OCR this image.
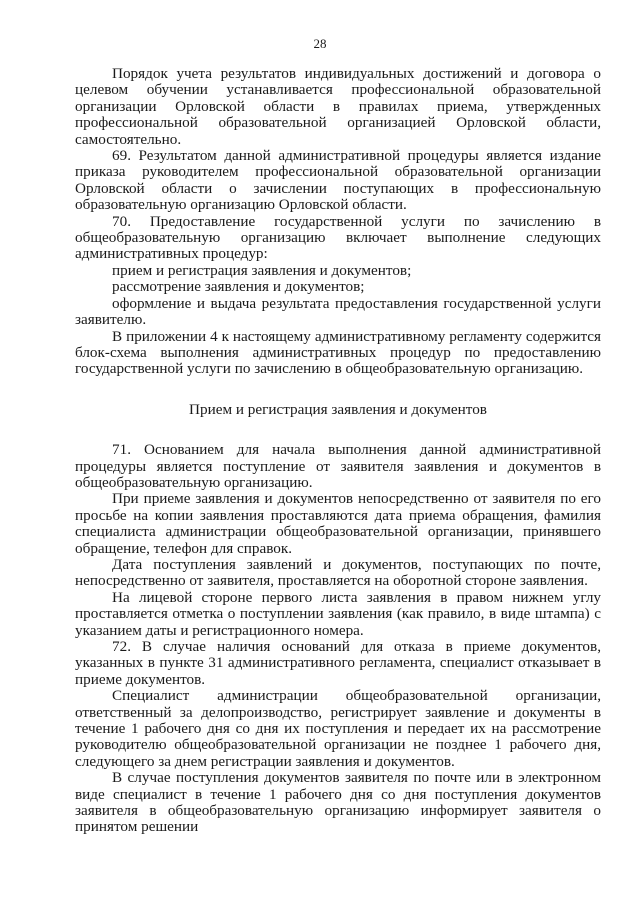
28

Порядок учета результатов индивидуальных достижений и договора о целевом обучении устанавливается профессиональной образовательной организации Орловской области в правилах приема, утвержденных профессиональной образовательной организацией Орловской области, самостоятельно.

69. Результатом данной административной процедуры является издание приказа руководителем профессиональной образовательной организации Орловской области о зачислении поступающих в профессиональную образовательную организацию Орловской области.

70. Предоставление государственной услуги по зачислению в общеобразовательную организацию включает выполнение следующих административных процедур:

прием и регистрация заявления и документов;

рассмотрение заявления и документов;

оформление и выдача результата предоставления государственной услуги заявителю.

В приложении 4 к настоящему административному регламенту содержится блок-схема выполнения административных процедур по предоставлению государственной услуги по зачислению в общеобразовательную организацию.

Прием и регистрация заявления и документов

71. Основанием для начала выполнения данной административной процедуры является поступление от заявителя заявления и документов в общеобразовательную организацию.

При приеме заявления и документов непосредственно от заявителя по его просьбе на копии заявления проставляются дата приема обращения, фамилия специалиста администрации общеобразовательной организации, принявшего обращение, телефон для справок.

Дата поступления заявлений и документов, поступающих по почте, непосредственно от заявителя, проставляется на оборотной стороне заявления.

На лицевой стороне первого листа заявления в правом нижнем углу проставляется отметка о поступлении заявления (как правило, в виде штампа) с указанием даты и регистрационного номера.

72. В случае наличия оснований для отказа в приеме документов, указанных в пункте 31 административного регламента, специалист отказывает в приеме документов.

Специалист администрации общеобразовательной организации, ответственный за делопроизводство, регистрирует заявление и документы в течение 1 рабочего дня со дня их поступления и передает их на рассмотрение руководителю общеобразовательной организации не позднее 1 рабочего дня, следующего за днем регистрации заявления и документов.

В случае поступления документов заявителя по почте или в электронном виде специалист в течение 1 рабочего дня со дня поступления документов заявителя в общеобразовательную организацию информирует заявителя о принятом решении
